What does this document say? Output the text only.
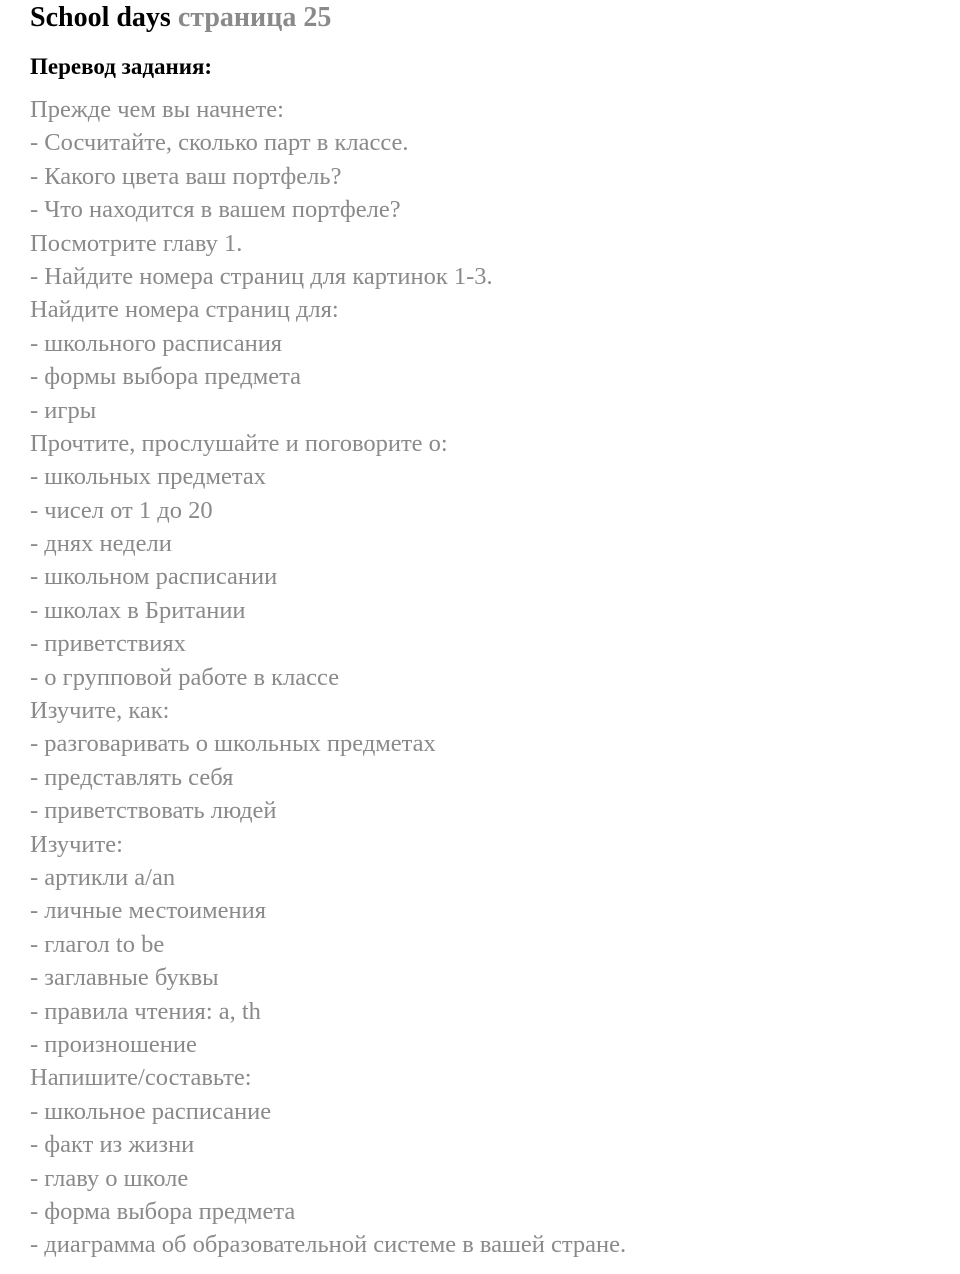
School days страница 25
Перевод задания:
Прежде чем вы начнете:
- Сосчитайте, сколько парт в классе.
- Какого цвета ваш портфель?
- Что находится в вашем портфеле?
Посмотрите главу 1.
- Найдите номера страниц для картинок 1-3.
Найдите номера страниц для:
- школьного расписания
- формы выбора предмета
- игры
Прочтите, прослушайте и поговорите о:
- школьных предметах
- чисел от 1 до 20
- днях недели
- школьном расписании
- школах в Британии
- приветствиях
- о групповой работе в классе
Изучите, как:
- разговаривать о школьных предметах
- представлять себя
- приветствовать людей
Изучите:
- артикли a/an
- личные местоимения
- глагол to be
- заглавные буквы
- правила чтения: a, th
- произношение
Напишите/составьте:
- школьное расписание
- факт из жизни
- главу о школе
- форма выбора предмета
- диаграмма об образовательной системе в вашей стране.
